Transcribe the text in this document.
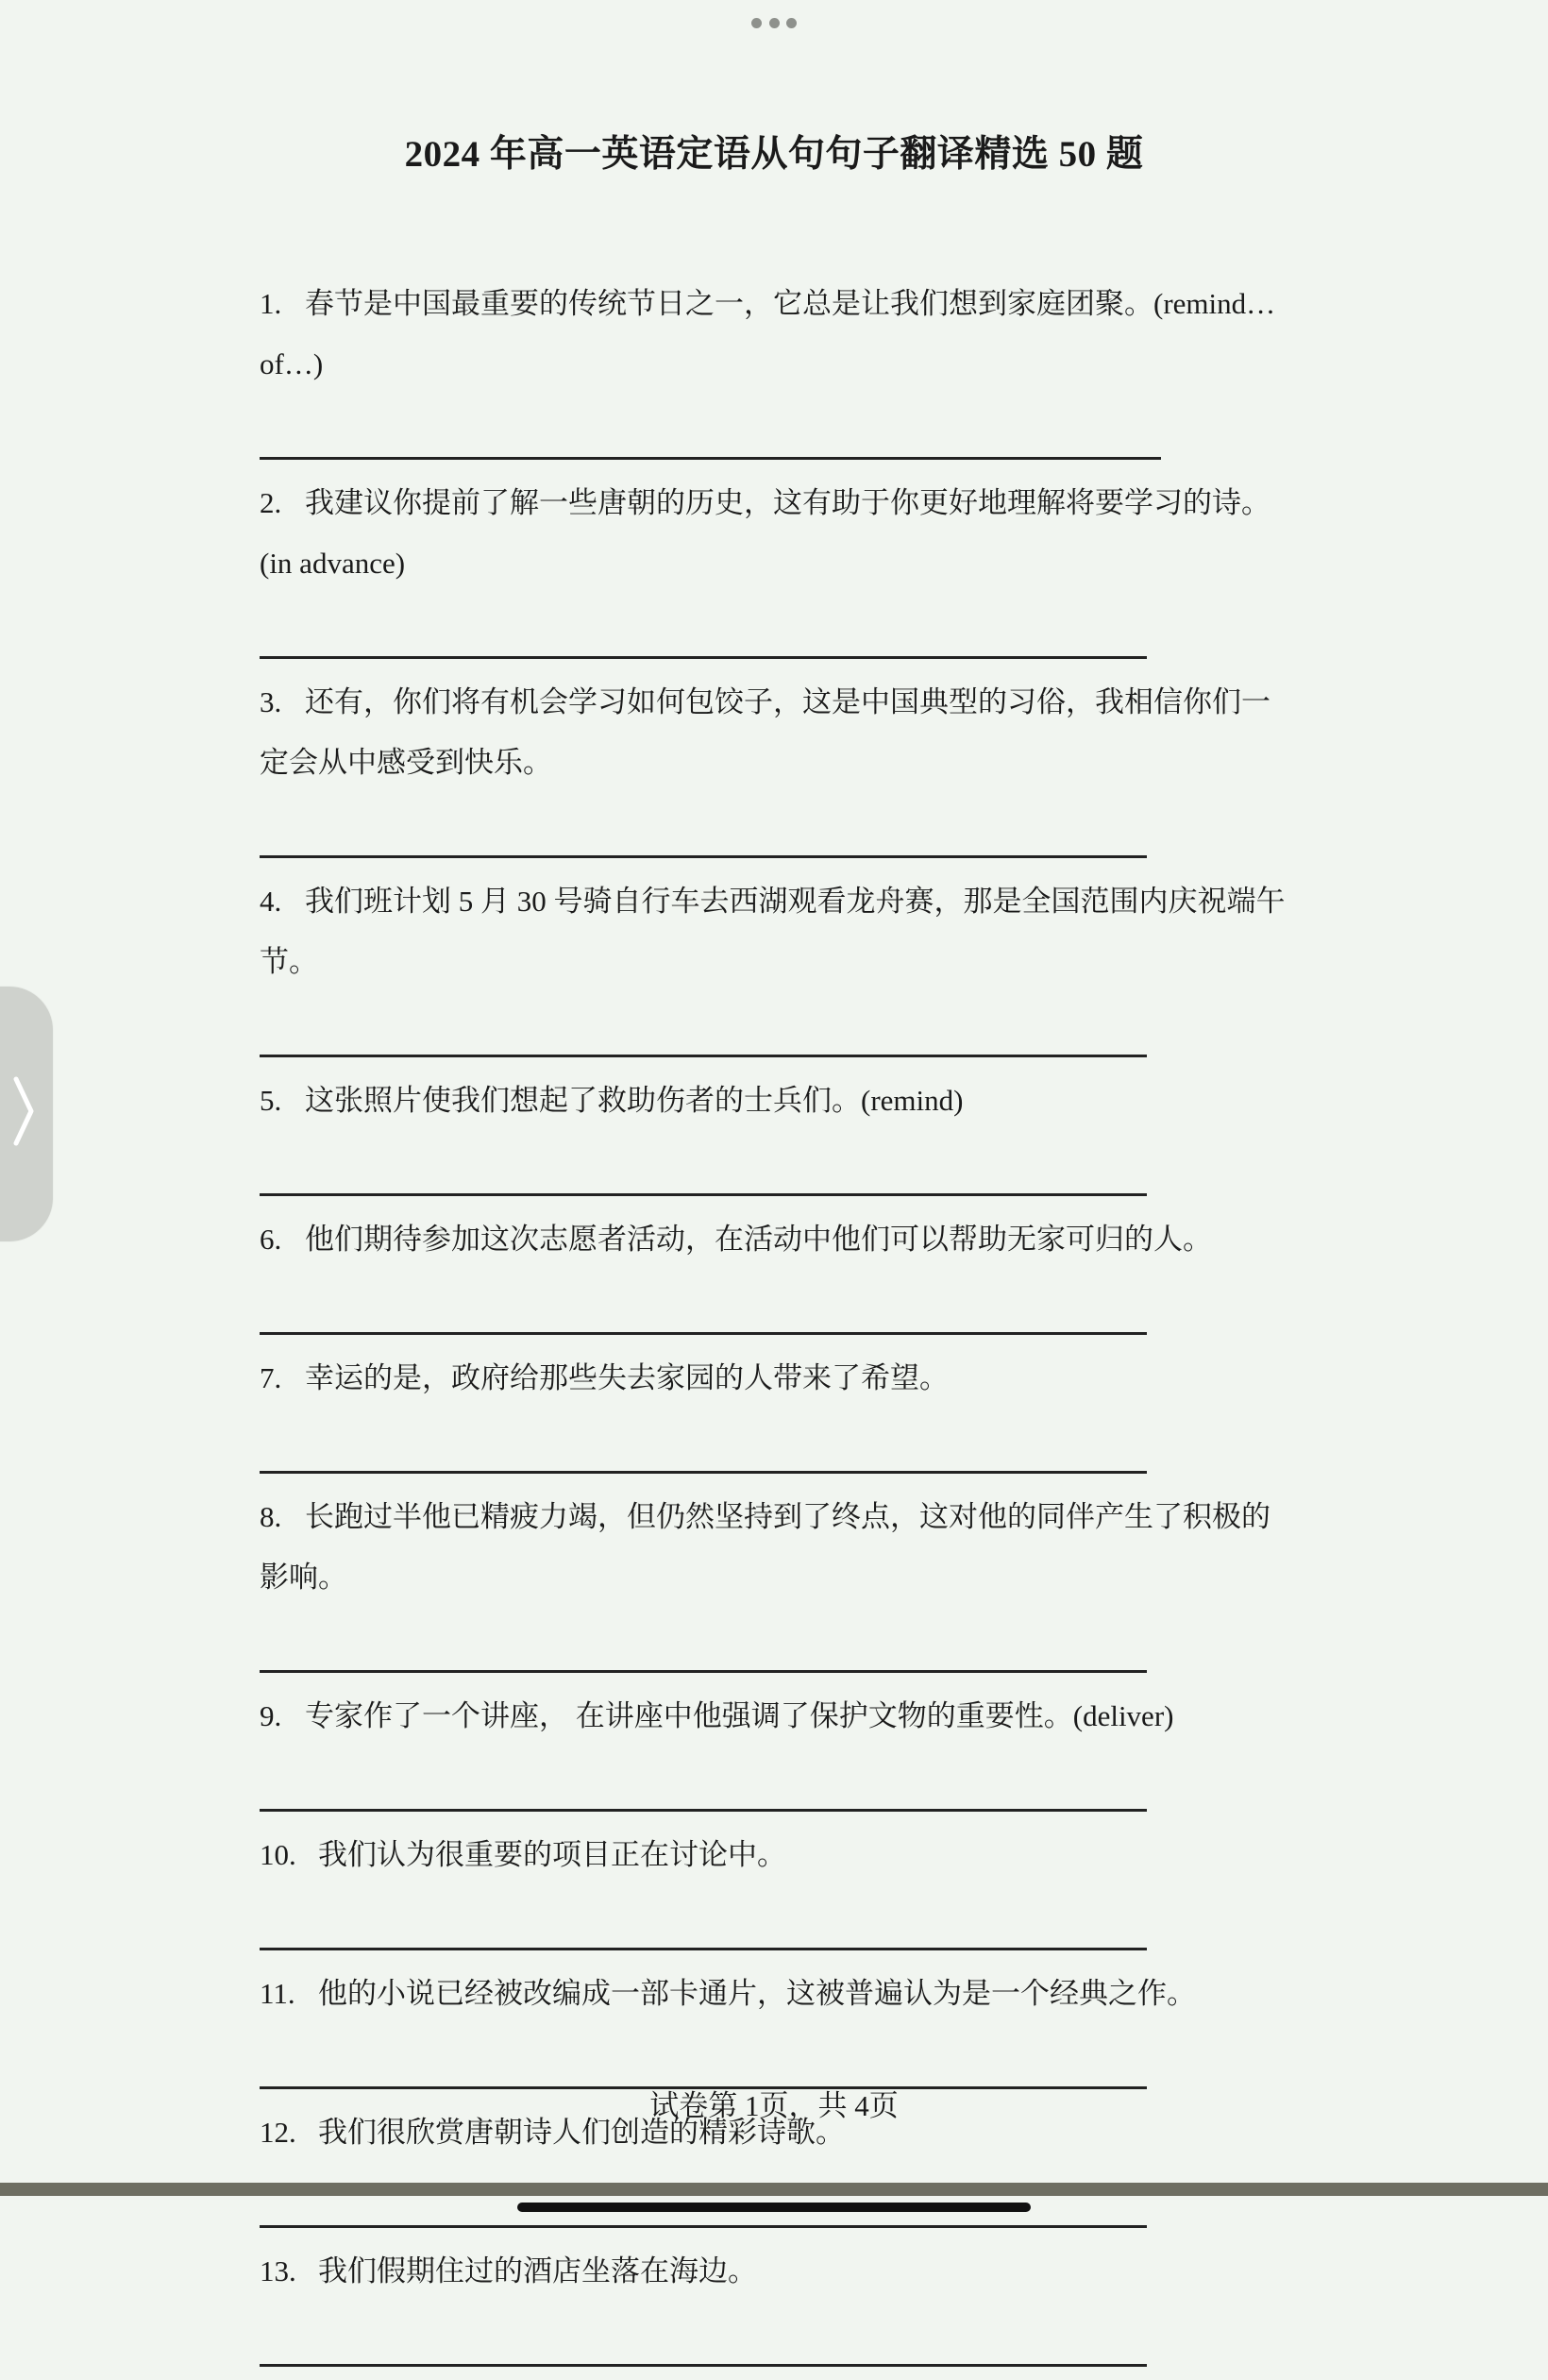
2024 年高一英语定语从句句子翻译精选 50 题

1. 春节是中国最重要的传统节日之一，它总是让我们想到家庭团聚。(remind…of…)

2. 我建议你提前了解一些唐朝的历史，这有助于你更好地理解将要学习的诗。(in advance)

3. 还有，你们将有机会学习如何包饺子，这是中国典型的习俗，我相信你们一定会从中感受到快乐。

4. 我们班计划 5 月 30 号骑自行车去西湖观看龙舟赛，那是全国范围内庆祝端午节。

5. 这张照片使我们想起了救助伤者的士兵们。(remind)

6. 他们期待参加这次志愿者活动，在活动中他们可以帮助无家可归的人。

7. 幸运的是，政府给那些失去家园的人带来了希望。

8. 长跑过半他已精疲力竭，但仍然坚持到了终点，这对他的同伴产生了积极的影响。

9. 专家作了一个讲座， 在讲座中他强调了保护文物的重要性。(deliver)

10. 我们认为很重要的项目正在讨论中。

11. 他的小说已经被改编成一部卡通片，这被普遍认为是一个经典之作。

12. 我们很欣赏唐朝诗人们创造的精彩诗歌。

13. 我们假期住过的酒店坐落在海边。

试卷第 1页，共 4页
